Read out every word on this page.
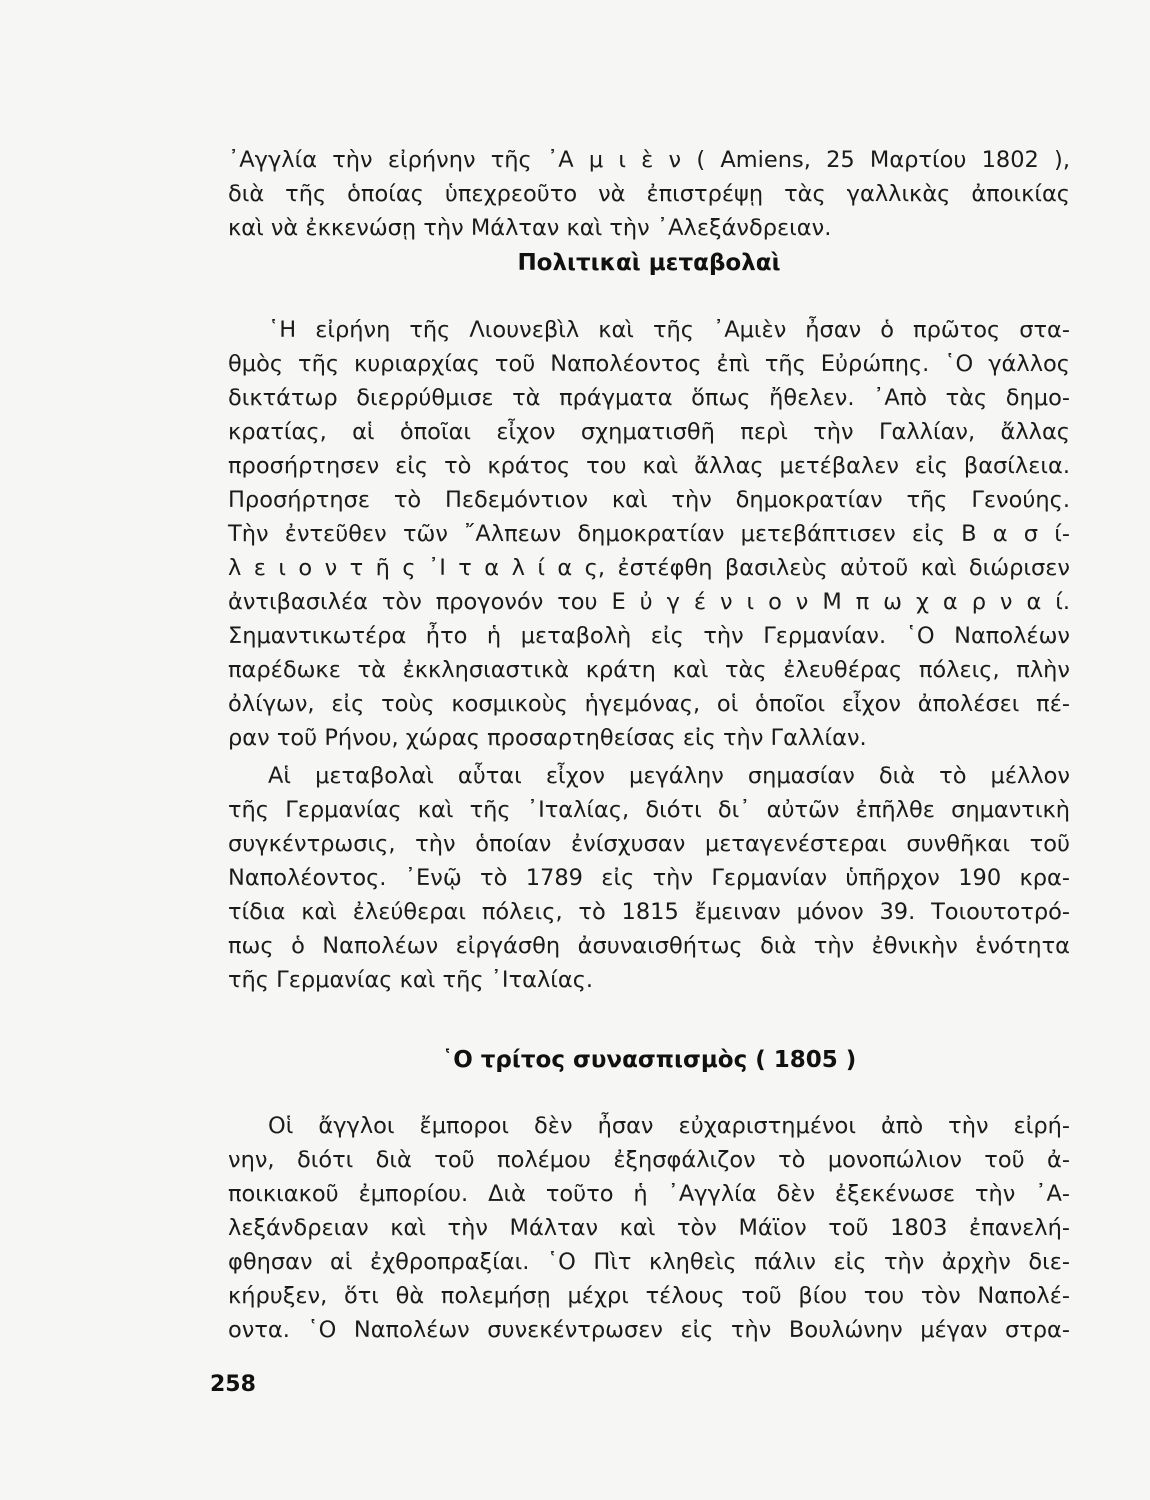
᾿Αγγλία τὴν εἰρήνην τῆς ᾿Α μ ι ὲ ν ( Amiens, 25 Μαρτίου 1802 ),
διὰ τῆς ὁποίας ὑπεχρεοῦτο νὰ ἐπιστρέψῃ τὰς γαλλικὰς ἀποικίας
καὶ νὰ ἐκκενώσῃ τὴν Μάλταν καὶ τὴν ᾿Αλεξάνδρειαν.
Πολιτικαὶ μεταβολαὶ
῾Η εἰρήνη τῆς Λιουνεβὶλ καὶ τῆς ᾿Αμιὲν ἦσαν ὁ πρῶτος στα-
θμὸς τῆς κυριαρχίας τοῦ Ναπολέοντος ἐπὶ τῆς Εὐρώπης. ῾Ο γάλλος
δικτάτωρ διερρύθμισε τὰ πράγματα ὅπως ἤθελεν. ᾿Απὸ τὰς δημο-
κρατίας, αἱ ὁποῖαι εἶχον σχηματισθῆ περὶ τὴν Γαλλίαν, ἄλλας
προσήρτησεν εἰς τὸ κράτος του καὶ ἄλλας μετέβαλεν εἰς βασίλεια.
Προσήρτησε τὸ Πεδεμόντιον καὶ τὴν δημοκρατίαν τῆς Γενούης.
Τὴν ἐντεῦθεν τῶν ῎Αλπεων δημοκρατίαν μετεβάπτισεν εἰς Β α σ ί-
λ ε ι ο ν τ ῆ ς ᾿Ι τ α λ ί α ς, ἐστέφθη βασιλεὺς αὐτοῦ καὶ διώρισεν
ἀντιβασιλέα τὸν προγονόν του Ε ὐ γ έ ν ι ο ν Μ π ω χ α ρ ν α ί.
Σημαντικωτέρα ἦτο ἡ μεταβολὴ εἰς τὴν Γερμανίαν. ῾Ο Ναπολέων
παρέδωκε τὰ ἐκκλησιαστικὰ κράτη καὶ τὰς ἐλευθέρας πόλεις, πλὴν
ὀλίγων, εἰς τοὺς κοσμικοὺς ἡγεμόνας, οἱ ὁποῖοι εἶχον ἀπολέσει πέ-
ραν τοῦ Ρήνου, χώρας προσαρτηθείσας εἰς τὴν Γαλλίαν.
Αἱ μεταβολαὶ αὗται εἶχον μεγάλην σημασίαν διὰ τὸ μέλλον
τῆς Γερμανίας καὶ τῆς ᾿Ιταλίας, διότι δι᾿ αὐτῶν ἐπῆλθε σημαντικὴ
συγκέντρωσις, τὴν ὁποίαν ἐνίσχυσαν μεταγενέστεραι συνθῆκαι τοῦ
Ναπολέοντος. ᾿Ενῷ τὸ 1789 εἰς τὴν Γερμανίαν ὑπῆρχον 190 κρα-
τίδια καὶ ἐλεύθεραι πόλεις, τὸ 1815 ἔμειναν μόνον 39. Τοιουτοτρό-
πως ὁ Ναπολέων εἰργάσθη ἀσυναισθήτως διὰ τὴν ἐθνικὴν ἑνότητα
τῆς Γερμανίας καὶ τῆς ᾿Ιταλίας.
῾Ο τρίτος συνασπισμὸς ( 1805 )
Οἱ ἄγγλοι ἔμποροι δὲν ἦσαν εὐχαριστημένοι ἀπὸ τὴν εἰρή-
νην, διότι διὰ τοῦ πολέμου ἐξησφάλιζον τὸ μονοπώλιον τοῦ ἀ-
ποικιακοῦ ἐμπορίου. Διὰ τοῦτο ἡ ᾿Αγγλία δὲν ἐξεκένωσε τὴν ᾿Α-
λεξάνδρειαν καὶ τὴν Μάλταν καὶ τὸν Μάϊον τοῦ 1803 ἐπανελή-
φθησαν αἱ ἐχθροπραξίαι. ῾Ο Πὶτ κληθεὶς πάλιν εἰς τὴν ἀρχὴν διε-
κήρυξεν, ὅτι θὰ πολεμήσῃ μέχρι τέλους τοῦ βίου του τὸν Ναπολέ-
οντα. ῾Ο Ναπολέων συνεκέντρωσεν εἰς τὴν Βουλώνην μέγαν στρα-
258
